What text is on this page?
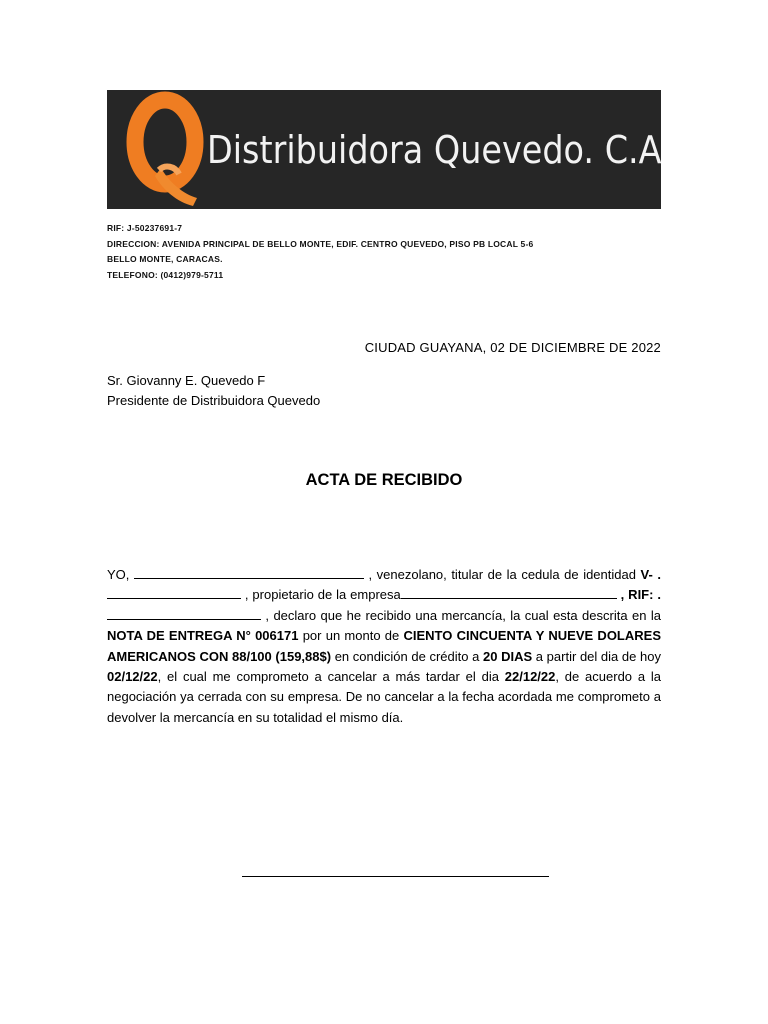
Distribuidora Quevedo. C.A
RIF: J-50237691-7
DIRECCION: AVENIDA PRINCIPAL DE BELLO MONTE, EDIF. CENTRO QUEVEDO, PISO PB LOCAL 5-6
BELLO MONTE, CARACAS.
TELEFONO: (0412)979-5711
CIUDAD GUAYANA, 02 DE DICIEMBRE DE 2022
Sr. Giovanny E. Quevedo F
Presidente de Distribuidora Quevedo
ACTA DE RECIBIDO
YO,	, venezolano, titular de la cedula de identidad V- . , propietario de la empresa	, RIF: . , declaro que he recibido una mercancía, la cual esta descrita en la NOTA DE ENTREGA N° 006171 por un monto de CIENTO CINCUENTA Y NUEVE DOLARES AMERICANOS CON 88/100 (159,88$) en condición de crédito a 20 DIAS a partir del dia de hoy 02/12/22, el cual me comprometo a cancelar a más tardar el dia 22/12/22, de acuerdo a la negociación ya cerrada con su empresa. De no cancelar a la fecha acordada me comprometo a devolver la mercancía en su totalidad el mismo día.
